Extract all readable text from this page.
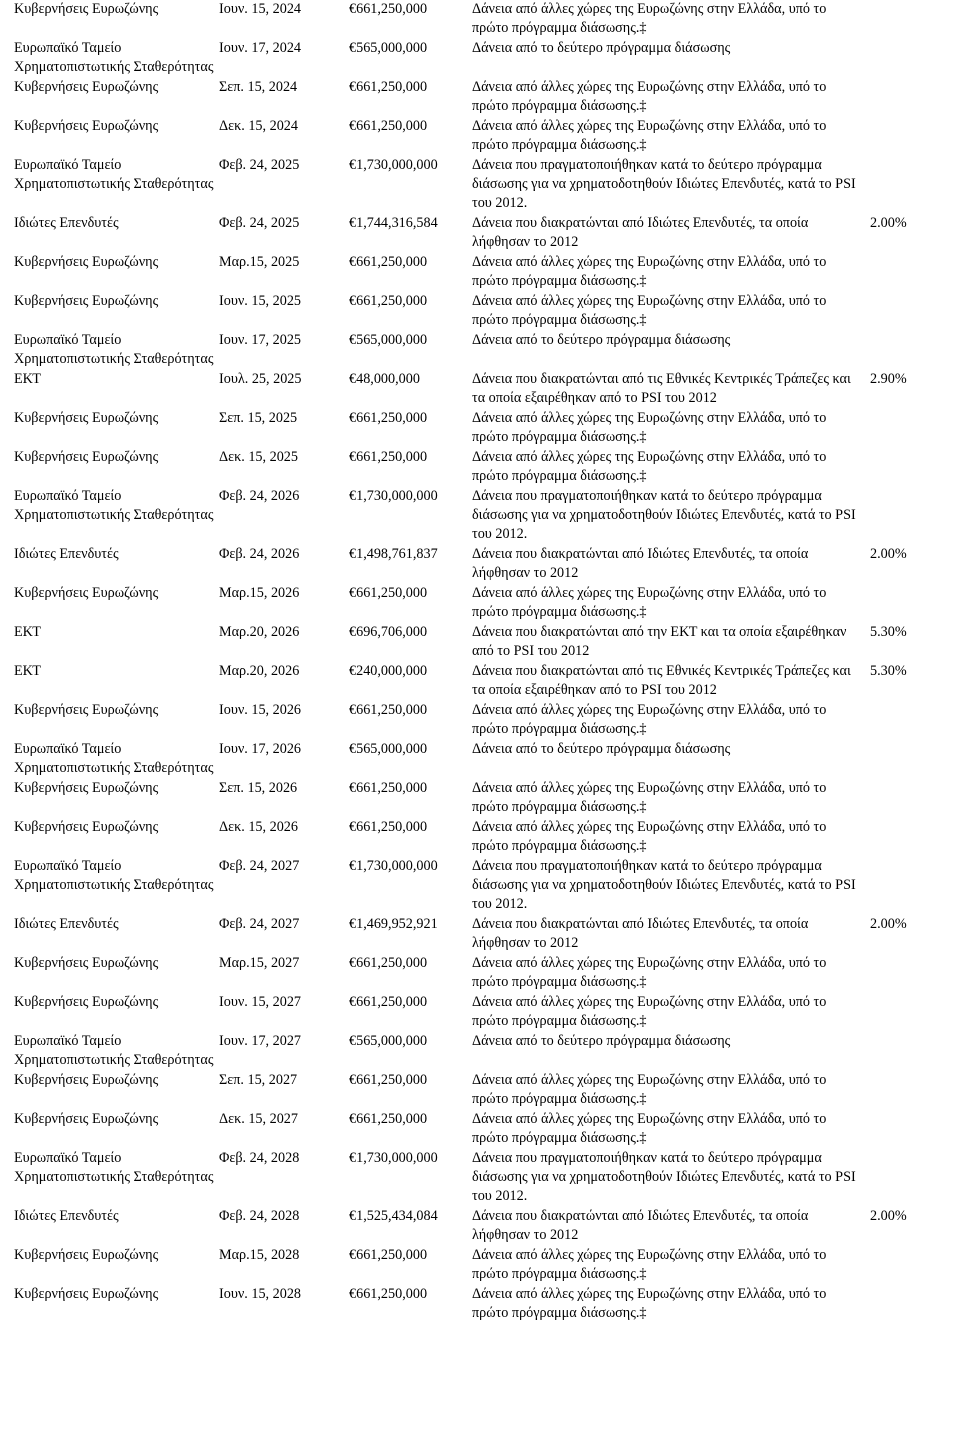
Κυβερνήσεις Ευρωζώνης	Ιουν. 15, 2024	€ 661,250,000	Δάνεια από άλλες χώρες της Ευρωζώνης στην Ελλάδα, υπό το πρώτο πρόγραμμα διάσωσης.‡	
Ευρωπαϊκό Ταμείο Χρηματοπιστωτικής Σταθερότητας	Ιουν. 17, 2024	€ 565,000,000	Δάνεια από το δεύτερο πρόγραμμα διάσωσης	
Κυβερνήσεις Ευρωζώνης	Σεπ. 15, 2024	€ 661,250,000	Δάνεια από άλλες χώρες της Ευρωζώνης στην Ελλάδα, υπό το πρώτο πρόγραμμα διάσωσης.‡	
Κυβερνήσεις Ευρωζώνης	Δεκ. 15, 2024	€ 661,250,000	Δάνεια από άλλες χώρες της Ευρωζώνης στην Ελλάδα, υπό το πρώτο πρόγραμμα διάσωσης.‡	
Ευρωπαϊκό Ταμείο Χρηματοπιστωτικής Σταθερότητας	Φεβ. 24, 2025	€ 1,730,000,000	Δάνεια που πραγματοποιήθηκαν κατά το δεύτερο πρόγραμμα διάσωσης για να χρηματοδοτηθούν Ιδιώτες Επενδυτές, κατά το PSI του 2012.	
Ιδιώτες Επενδυτές	Φεβ. 24, 2025	€ 1,744,316,584	Δάνεια που διακρατώνται από Ιδιώτες Επενδυτές, τα οποία λήφθησαν το 2012	2.00%
Κυβερνήσεις Ευρωζώνης	Μαρ.15, 2025	€ 661,250,000	Δάνεια από άλλες χώρες της Ευρωζώνης στην Ελλάδα, υπό το πρώτο πρόγραμμα διάσωσης.‡	
Κυβερνήσεις Ευρωζώνης	Ιουν. 15, 2025	€ 661,250,000	Δάνεια από άλλες χώρες της Ευρωζώνης στην Ελλάδα, υπό το πρώτο πρόγραμμα διάσωσης.‡	
Ευρωπαϊκό Ταμείο Χρηματοπιστωτικής Σταθερότητας	Ιουν. 17, 2025	€ 565,000,000	Δάνεια από το δεύτερο πρόγραμμα διάσωσης	
ΕΚΤ	Ιουλ. 25, 2025	€ 48,000,000	Δάνεια που διακρατώνται από τις Εθνικές Κεντρικές Τράπεζες και τα οποία εξαιρέθηκαν από το PSI του 2012	2.90%
Κυβερνήσεις Ευρωζώνης	Σεπ. 15, 2025	€ 661,250,000	Δάνεια από άλλες χώρες της Ευρωζώνης στην Ελλάδα, υπό το πρώτο πρόγραμμα διάσωσης.‡	
Κυβερνήσεις Ευρωζώνης	Δεκ. 15, 2025	€ 661,250,000	Δάνεια από άλλες χώρες της Ευρωζώνης στην Ελλάδα, υπό το πρώτο πρόγραμμα διάσωσης.‡	
Ευρωπαϊκό Ταμείο Χρηματοπιστωτικής Σταθερότητας	Φεβ. 24, 2026	€ 1,730,000,000	Δάνεια που πραγματοποιήθηκαν κατά το δεύτερο πρόγραμμα διάσωσης για να χρηματοδοτηθούν Ιδιώτες Επενδυτές, κατά το PSI του 2012.	
Ιδιώτες Επενδυτές	Φεβ. 24, 2026	€ 1,498,761,837	Δάνεια που διακρατώνται από Ιδιώτες Επενδυτές, τα οποία λήφθησαν το 2012	2.00%
Κυβερνήσεις Ευρωζώνης	Μαρ.15, 2026	€ 661,250,000	Δάνεια από άλλες χώρες της Ευρωζώνης στην Ελλάδα, υπό το πρώτο πρόγραμμα διάσωσης.‡	
ΕΚΤ	Μαρ.20, 2026	€ 696,706,000	Δάνεια που διακρατώνται από την ΕΚΤ και τα οποία εξαιρέθηκαν από το PSI του 2012	5.30%
ΕΚΤ	Μαρ.20, 2026	€ 240,000,000	Δάνεια που διακρατώνται από τις Εθνικές Κεντρικές Τράπεζες και τα οποία εξαιρέθηκαν από το PSI του 2012	5.30%
Κυβερνήσεις Ευρωζώνης	Ιουν. 15, 2026	€ 661,250,000	Δάνεια από άλλες χώρες της Ευρωζώνης στην Ελλάδα, υπό το πρώτο πρόγραμμα διάσωσης.‡	
Ευρωπαϊκό Ταμείο Χρηματοπιστωτικής Σταθερότητας	Ιουν. 17, 2026	€ 565,000,000	Δάνεια από το δεύτερο πρόγραμμα διάσωσης	
Κυβερνήσεις Ευρωζώνης	Σεπ. 15, 2026	€ 661,250,000	Δάνεια από άλλες χώρες της Ευρωζώνης στην Ελλάδα, υπό το πρώτο πρόγραμμα διάσωσης.‡	
Κυβερνήσεις Ευρωζώνης	Δεκ. 15, 2026	€ 661,250,000	Δάνεια από άλλες χώρες της Ευρωζώνης στην Ελλάδα, υπό το πρώτο πρόγραμμα διάσωσης.‡	
Ευρωπαϊκό Ταμείο Χρηματοπιστωτικής Σταθερότητας	Φεβ. 24, 2027	€ 1,730,000,000	Δάνεια που πραγματοποιήθηκαν κατά το δεύτερο πρόγραμμα διάσωσης για να χρηματοδοτηθούν Ιδιώτες Επενδυτές, κατά το PSI του 2012.	
Ιδιώτες Επενδυτές	Φεβ. 24, 2027	€ 1,469,952,921	Δάνεια που διακρατώνται από Ιδιώτες Επενδυτές, τα οποία λήφθησαν το 2012	2.00%
Κυβερνήσεις Ευρωζώνης	Μαρ.15, 2027	€ 661,250,000	Δάνεια από άλλες χώρες της Ευρωζώνης στην Ελλάδα, υπό το πρώτο πρόγραμμα διάσωσης.‡	
Κυβερνήσεις Ευρωζώνης	Ιουν. 15, 2027	€ 661,250,000	Δάνεια από άλλες χώρες της Ευρωζώνης στην Ελλάδα, υπό το πρώτο πρόγραμμα διάσωσης.‡	
Ευρωπαϊκό Ταμείο Χρηματοπιστωτικής Σταθερότητας	Ιουν. 17, 2027	€ 565,000,000	Δάνεια από το δεύτερο πρόγραμμα διάσωσης	
Κυβερνήσεις Ευρωζώνης	Σεπ. 15, 2027	€ 661,250,000	Δάνεια από άλλες χώρες της Ευρωζώνης στην Ελλάδα, υπό το πρώτο πρόγραμμα διάσωσης.‡	
Κυβερνήσεις Ευρωζώνης	Δεκ. 15, 2027	€ 661,250,000	Δάνεια από άλλες χώρες της Ευρωζώνης στην Ελλάδα, υπό το πρώτο πρόγραμμα διάσωσης.‡	
Ευρωπαϊκό Ταμείο Χρηματοπιστωτικής Σταθερότητας	Φεβ. 24, 2028	€ 1,730,000,000	Δάνεια που πραγματοποιήθηκαν κατά το δεύτερο πρόγραμμα διάσωσης για να χρηματοδοτηθούν Ιδιώτες Επενδυτές, κατά το PSI του 2012.	
Ιδιώτες Επενδυτές	Φεβ. 24, 2028	€ 1,525,434,084	Δάνεια που διακρατώνται από Ιδιώτες Επενδυτές, τα οποία λήφθησαν το 2012	2.00%
Κυβερνήσεις Ευρωζώνης	Μαρ.15, 2028	€ 661,250,000	Δάνεια από άλλες χώρες της Ευρωζώνης στην Ελλάδα, υπό το πρώτο πρόγραμμα διάσωσης.‡	
Κυβερνήσεις Ευρωζώνης	Ιουν. 15, 2028	€ 661,250,000	Δάνεια από άλλες χώρες της Ευρωζώνης στην Ελλάδα, υπό το πρώτο πρόγραμμα διάσωσης.‡	
